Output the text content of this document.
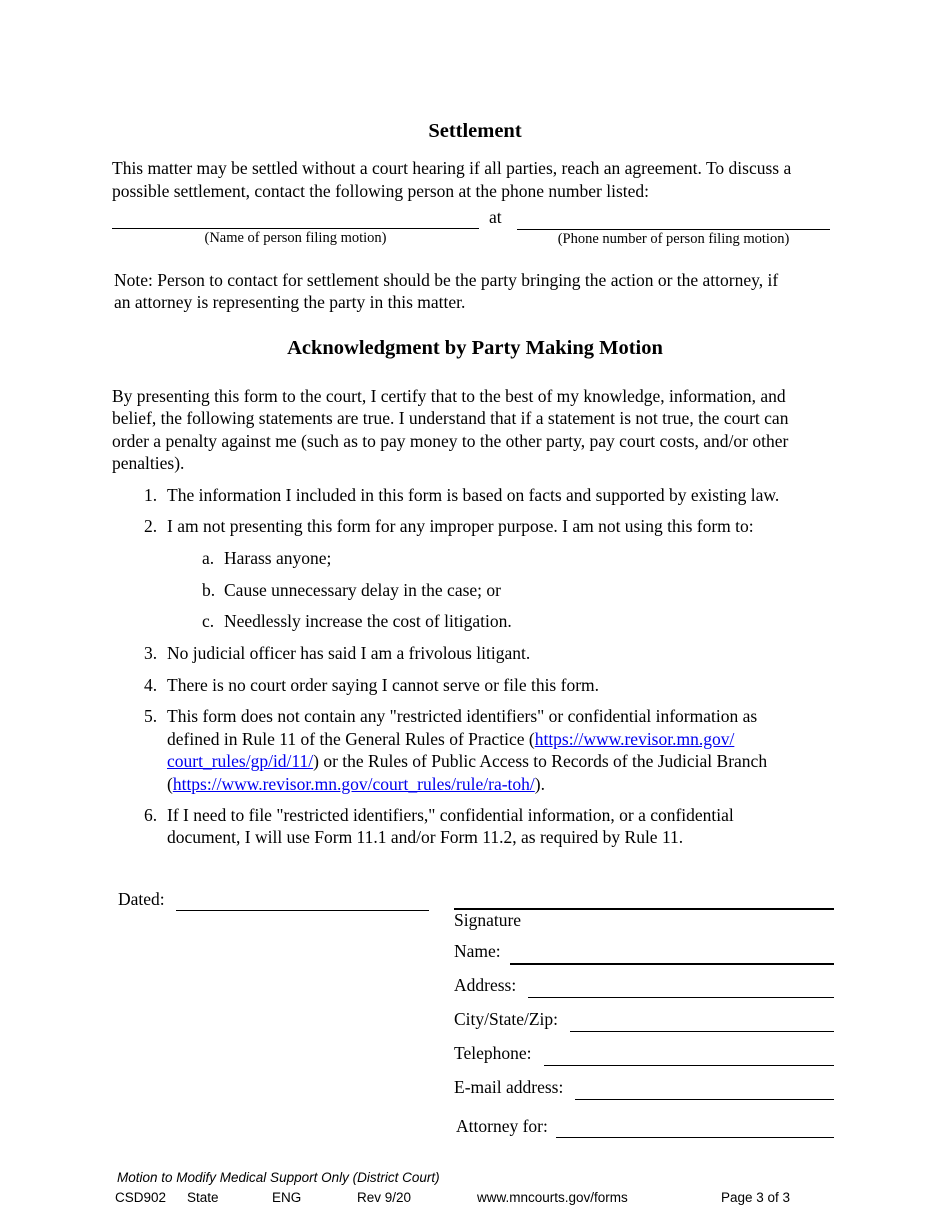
Settlement
This matter may be settled without a court hearing if all parties, reach an agreement. To discuss a
possible settlement, contact the following person at the phone number listed:
at
(Name of person filing motion)	(Phone number of person filing motion)
Note: Person to contact for settlement should be the party bringing the action or the attorney, if
an attorney is representing the party in this matter.
Acknowledgment by Party Making Motion
By presenting this form to the court, I certify that to the best of my knowledge, information, and
belief, the following statements are true. I understand that if a statement is not true, the court can
order a penalty against me (such as to pay money to the other party, pay court costs, and/or other
penalties).
1. The information I included in this form is based on facts and supported by existing law.
2. I am not presenting this form for any improper purpose. I am not using this form to:
a. Harass anyone;
b. Cause unnecessary delay in the case; or
c. Needlessly increase the cost of litigation.
3. No judicial officer has said I am a frivolous litigant.
4. There is no court order saying I cannot serve or file this form.
5. This form does not contain any "restricted identifiers" or confidential information as
defined in Rule 11 of the General Rules of Practice (https://www.revisor.mn.gov/
court_rules/gp/id/11/) or the Rules of Public Access to Records of the Judicial Branch
(https://www.revisor.mn.gov/court_rules/rule/ra-toh/).
6. If I need to file "restricted identifiers," confidential information, or a confidential
document, I will use Form 11.1 and/or Form 11.2, as required by Rule 11.
Dated:
Signature
Name:
Address:
City/State/Zip:
Telephone:
E-mail address:
Attorney for:
Motion to Modify Medical Support Only (District Court)
CSD902 State	ENG	Rev 9/20	www.mncourts.gov/forms	Page 3 of 3
